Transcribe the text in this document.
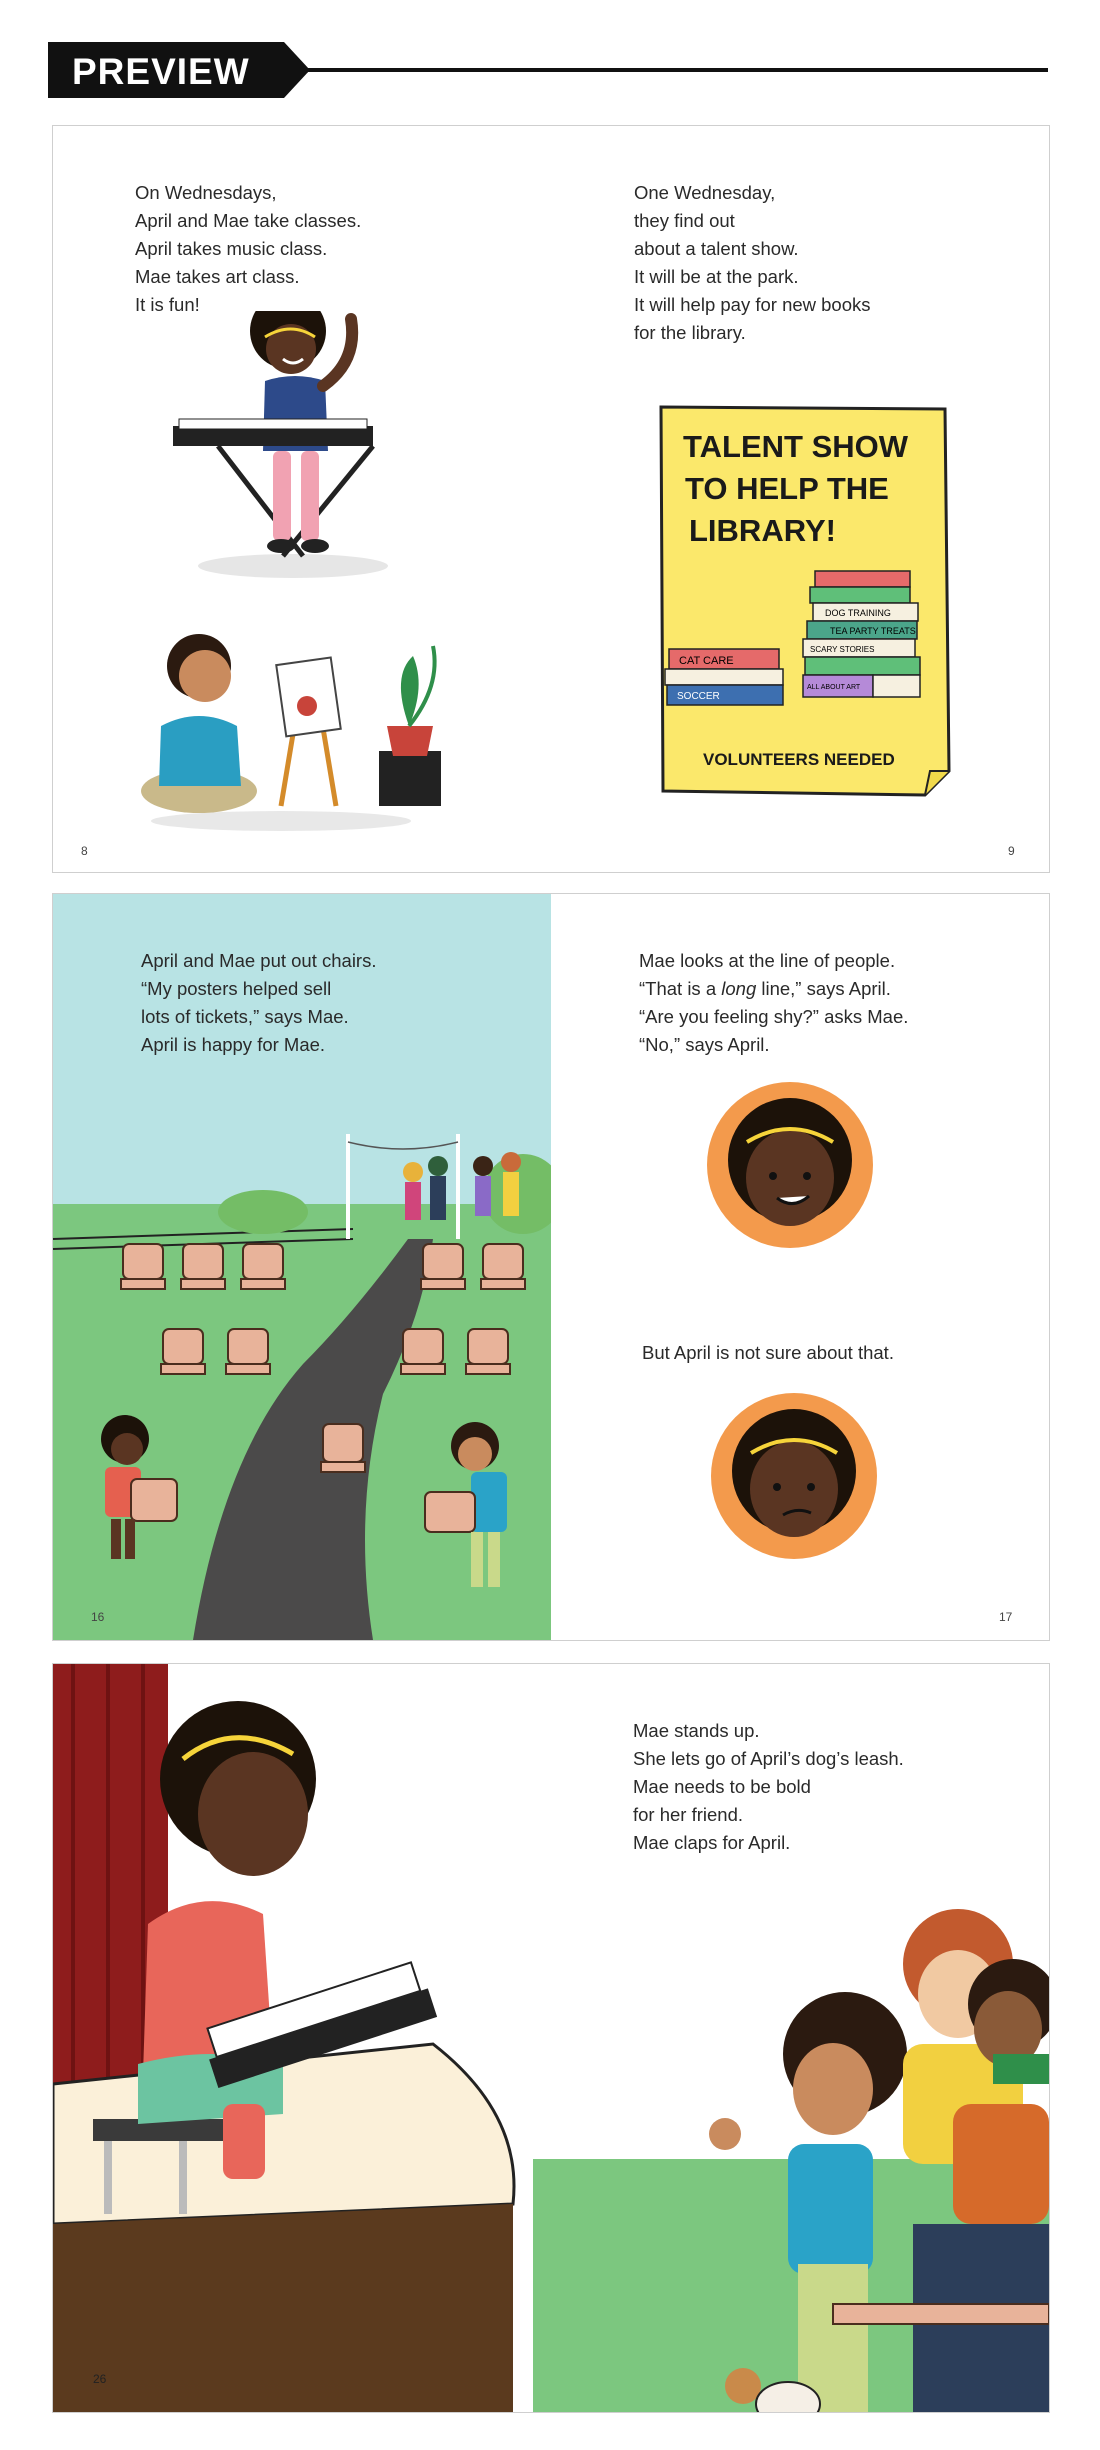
PREVIEW
On Wednesdays,
April and Mae take classes.
April takes music class.
Mae takes art class.
It is fun!
One Wednesday,
they find out
about a talent show.
It will be at the park.
It will help pay for new books
for the library.
TALENT SHOW
TO HELP THE
LIBRARY!
DOG TRAINING
TEA PARTY TREATS
SCARY STORIES
ALL ABOUT ART
CAT CARE
SOCCER
VOLUNTEERS NEEDED
8	9
April and Mae put out chairs.
“My posters helped sell
lots of tickets,” says Mae.
April is happy for Mae.
Mae looks at the line of people.
“That is a long line,” says April.
“Are you feeling shy?” asks Mae.
“No,” says April.
But April is not sure about that.
16	17
Mae stands up.
She lets go of April’s dog’s leash.
Mae needs to be bold
for her friend.
Mae claps for April.
26
